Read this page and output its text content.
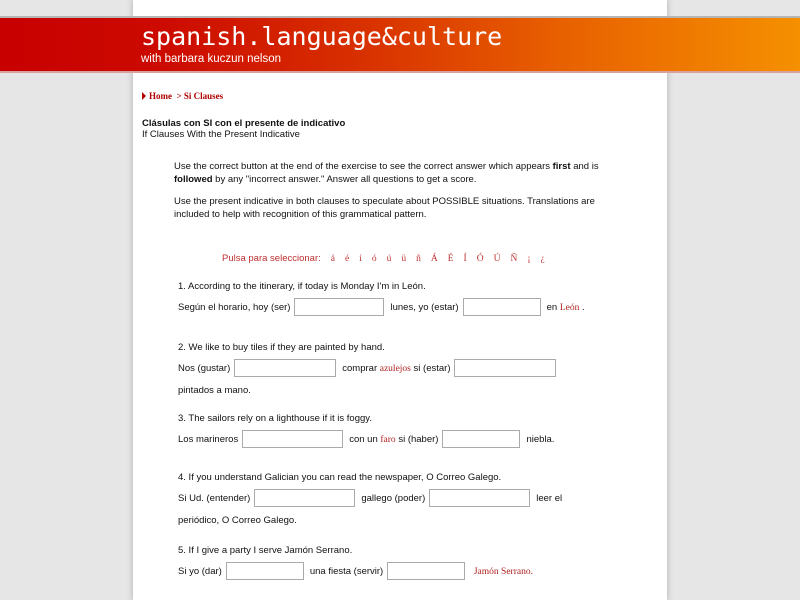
spanish.language&culture
with barbara kuczun nelson
Home > Si Clauses
Clásulas con SI con el presente de indicativo
If Clauses With the Present Indicative

Use the correct button at the end of the exercise to see the correct answer which appears first and is followed by any "incorrect answer." Answer all questions to get a score.

Use the present indicative in both clauses to speculate about POSSIBLE situations. Translations are included to help with recognition of this grammatical pattern.

Pulsa para seleccionar: á é í ó ú ü ñ Á É Í Ó Ú Ñ ¡ ¿
1. According to the itinerary, if today is Monday I'm in León.
Según el horario, hoy (ser)	lunes, yo (estar)	en León .
2. We like to buy tiles if they are painted by hand.
Nos (gustar)	comprar azulejos si (estar)pintados a mano.
3. The sailors rely on a lighthouse if it is foggy.
Los marineros	con un faro si (haber)	niebla.
4. If you understand Galician you can read the newspaper, O Correo Galego.
Si Ud. (entender)	gallego (poder)	leer el periódico, O Correo Galego.
5. If I give a party I serve Jamón Serrano.
Si yo (dar)	una fiesta (servir)	Jamón Serrano.
